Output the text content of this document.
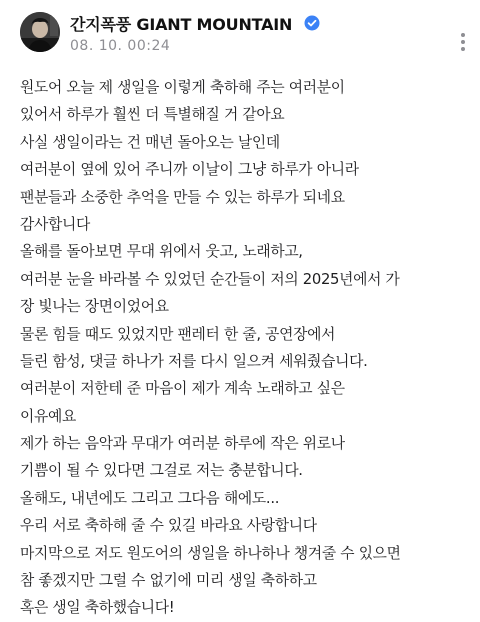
간지폭풍 GIANT MOUNTAIN
08. 10. 00:24
원도어 오늘 제 생일을 이렇게 축하해 주는 여러분이
있어서 하루가 훨씬 더 특별해질 거 같아요
사실 생일이라는 건 매년 돌아오는 날인데
여러분이 옆에 있어 주니까 이날이 그냥 하루가 아니라
팬분들과 소중한 추억을 만들 수 있는 하루가 되네요
감사합니다
올해를 돌아보면 무대 위에서 웃고, 노래하고,
여러분 눈을 바라볼 수 있었던 순간들이 저의 2025년에서 가
장 빛나는 장면이었어요
물론 힘들 때도 있었지만 팬레터 한 줄, 공연장에서
들린 함성, 댓글 하나가 저를 다시 일으켜 세워줬습니다.
여러분이 저한테 준 마음이 제가 계속 노래하고 싶은
이유예요
제가 하는 음악과 무대가 여러분 하루에 작은 위로나
기쁨이 될 수 있다면 그걸로 저는 충분합니다.
올해도, 내년에도 그리고 그다음 해에도...
우리 서로 축하해 줄 수 있길 바라요 사랑합니다
마지막으로 저도 원도어의 생일을 하나하나 챙겨줄 수 있으면
참 좋겠지만 그럴 수 없기에 미리 생일 축하하고
혹은 생일 축하했습니다!
